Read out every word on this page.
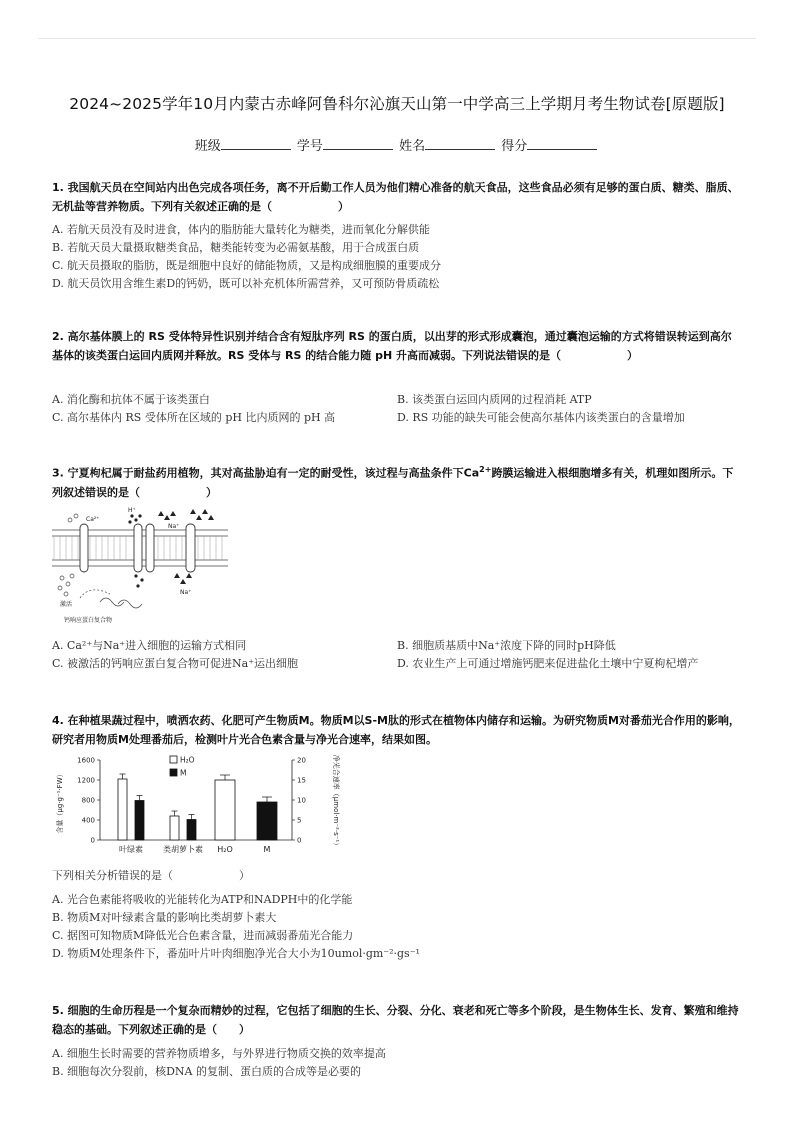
2024~2025学年10月内蒙古赤峰阿鲁科尔沁旗天山第一中学高三上学期月考生物试卷[原题版]
班级	学号	姓名	得分
1. 我国航天员在空间站内出色完成各项任务，离不开后勤工作人员为他们精心准备的航天食品，这些食品必须有足够的蛋白质、糖类、脂质、无机盐等营养物质。下列有关叙述正确的是（　　　　　　）
A. 若航天员没有及时进食，体内的脂肪能大量转化为糖类，进而氧化分解供能
B. 若航天员大量摄取糖类食品，糖类能转变为必需氨基酸，用于合成蛋白质
C. 航天员摄取的脂肪，既是细胞中良好的储能物质，又是构成细胞膜的重要成分
D. 航天员饮用含维生素D的钙奶，既可以补充机体所需营养，又可预防骨质疏松
2. 高尔基体膜上的 RS 受体特异性识别并结合含有短肽序列 RS 的蛋白质，以出芽的形式形成囊泡，通过囊泡运输的方式将错误转运到高尔基体的该类蛋白运回内质网并释放。RS 受体与 RS 的结合能力随 pH 升高而减弱。下列说法错误的是（　　　　　　）
A. 消化酶和抗体不属于该类蛋白	B. 该类蛋白运回内质网的过程消耗 ATP
C. 高尔基体内 RS 受体所在区域的 pH 比内质网的 pH 高	D. RS 功能的缺失可能会使高尔基体内该类蛋白的含量增加
3. 宁夏枸杞属于耐盐药用植物，其对高盐胁迫有一定的耐受性，该过程与高盐条件下$Ca^{2+}$跨膜运输进入根细胞增多有关，机理如图所示。下列叙述错误的是（　　　　　　）
Ca²⁺
H⁺
Na⁺
Na⁺
激活
钙响应蛋白复合物
A. Ca²⁺与Na⁺进入细胞的运输方式相同	B. 细胞质基质中Na⁺浓度下降的同时pH降低
C. 被激活的钙响应蛋白复合物可促进Na⁺运出细胞	D. 农业生产上可通过增施钙肥来促进盐化土壤中宁夏枸杞增产
4. 在种植果蔬过程中，喷洒农药、化肥可产生物质M。物质M以S-M肽的形式在植物体内储存和运输。为研究物质M对番茄光合作用的影响，研究者用物质M处理番茄后，检测叶片光合色素含量与净光合速率，结果如图。
含量（μg·g⁻¹·FW）	净光合速率（μmol·m⁻²·s⁻¹）
0
400
800
1200
1600
叶绿素	类胡萝卜素
H₂O
M
0
5
10
15
20
H₂O	M
下列相关分析错误的是（　　　　　　）
A. 光合色素能将吸收的光能转化为ATP和NADPH中的化学能
B. 物质M对叶绿素含量的影响比类胡萝卜素大
C. 据图可知物质M降低光合色素含量，进而减弱番茄光合能力
D. 物质M处理条件下，番茄叶片叶肉细胞净光合大小为10umol·gm⁻²·gs⁻¹
5. 细胞的生命历程是一个复杂而精妙的过程，它包括了细胞的生长、分裂、分化、衰老和死亡等多个阶段，是生物体生长、发育、繁殖和维持稳态的基础。下列叙述正确的是（　　）
A. 细胞生长时需要的营养物质增多，与外界进行物质交换的效率提高
B. 细胞每次分裂前，核DNA 的复制、蛋白质的合成等是必要的
